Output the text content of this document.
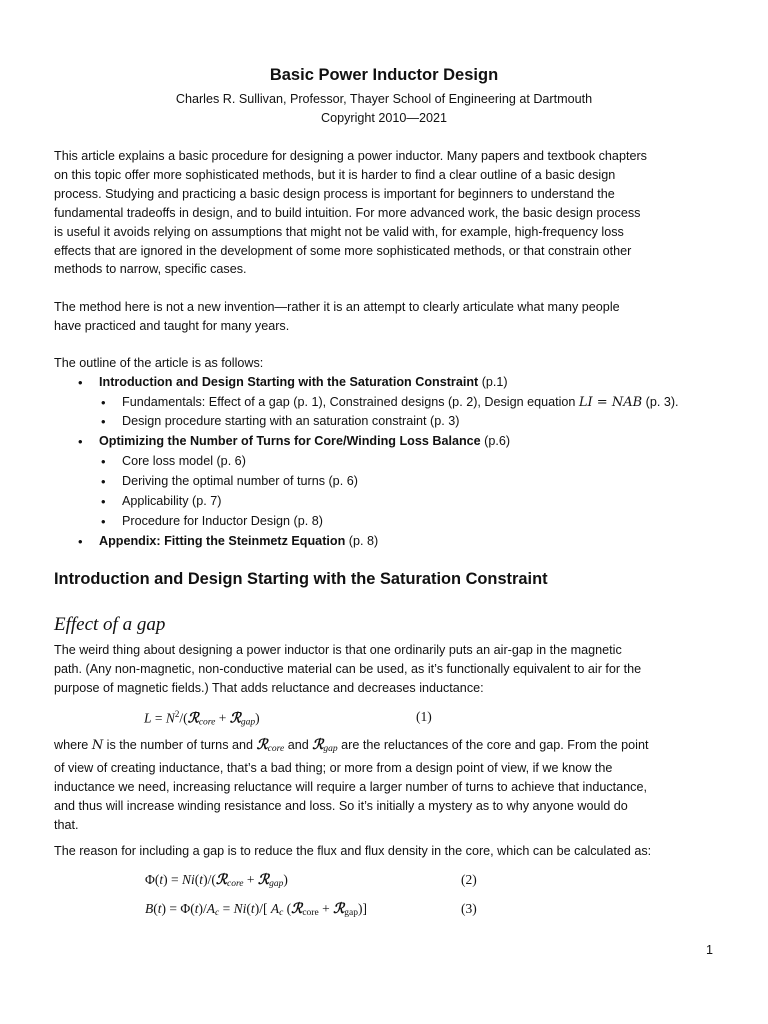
Basic Power Inductor Design
Charles R. Sullivan, Professor, Thayer School of Engineering at Dartmouth
Copyright 2010—2021
This article explains a basic procedure for designing a power inductor. Many papers and textbook chapters
on this topic offer more sophisticated methods, but it is harder to find a clear outline of a basic design
process. Studying and practicing a basic design process is important for beginners to understand the
fundamental tradeoffs in design, and to build intuition. For more advanced work, the basic design process
is useful it avoids relying on assumptions that might not be valid with, for example, high-frequency loss
effects that are ignored in the development of some more sophisticated methods, or that constrain other
methods to narrow, specific cases.
The method here is not a new invention—rather it is an attempt to clearly articulate what many people
have practiced and taught for many years.
The outline of the article is as follows:
• Introduction and Design Starting with the Saturation Constraint (p.1)
• Fundamentals: Effect of a gap (p. 1), Constrained designs (p. 2), Design equation LI = NAB (p. 3).
• Design procedure starting with an saturation constraint (p. 3)
• Optimizing the Number of Turns for Core/Winding Loss Balance (p.6)
• Core loss model (p. 6)
• Deriving the optimal number of turns (p. 6)
• Applicability (p. 7)
• Procedure for Inductor Design (p. 8)
• Appendix: Fitting the Steinmetz Equation (p. 8)
Introduction and Design Starting with the Saturation Constraint
Effect of a gap
The weird thing about designing a power inductor is that one ordinarily puts an air-gap in the magnetic
path. (Any non-magnetic, non-conductive material can be used, as it’s functionally equivalent to air for the
purpose of magnetic fields.) That adds reluctance and decreases inductance:
$L = N^2/(ℛcore$ + ℛgap)	(1)
where N is the number of turns and ℛcore and ℛgap are the reluctances of the core and gap. From the point
of view of creating inductance, that’s a bad thing; or more from a design point of view, if we know the
inductance we need, increasing reluctance will require a larger number of turns to achieve that inductance,
and thus will increase winding resistance and loss. So it’s initially a mystery as to why anyone would do
that.
The reason for including a gap is to reduce the flux and flux density in the core, which can be calculated as:
Φ(t) = Ni(t)/(ℛcore + ℛgap)	(2)
B(t) = Φ(t)/Ac = Ni(t)/[ Ac (ℛ$_{core}$ + ℛ$_{gap}$)]	(3)
1
